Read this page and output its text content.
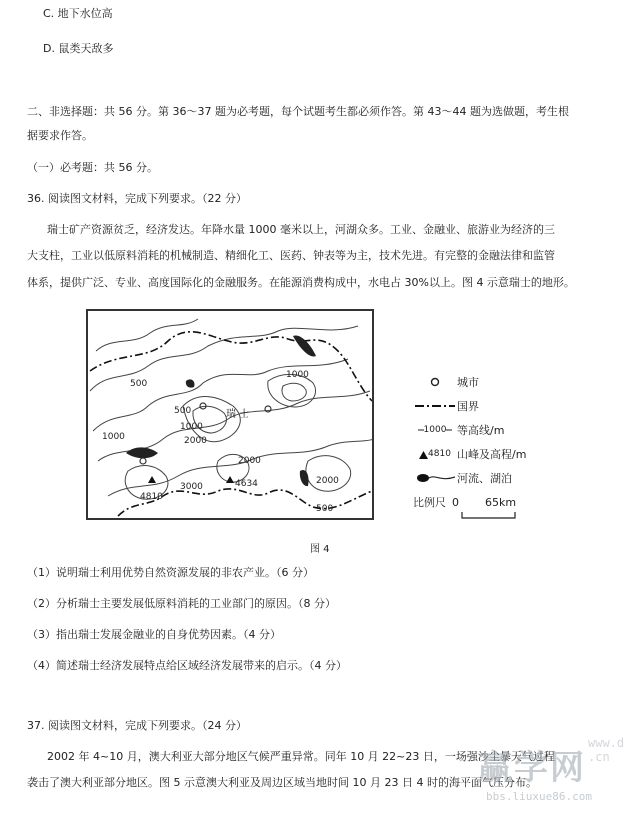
C. 地下水位高
D. 鼠类天敌多
二、非选择题：共 56 分。第 36～37 题为必考题，每个试题考生都必须作答。第 43～44 题为选做题，考生根
据要求作答。
（一）必考题：共 56 分。
36. 阅读图文材料，完成下列要求。（22 分）
瑞士矿产资源贫乏，经济发达。年降水量 1000 毫米以上，河湖众多。工业、金融业、旅游业为经济的三
大支柱，工业以低原料消耗的机械制造、精细化工、医药、钟表等为主，技术先进。有完整的金融法律和监管
体系，提供广泛、专业、高度国际化的金融服务。在能源消费构成中，水电占 30%以上。图 4 示意瑞士的地形。
瑞 士
500
1000
500
1000
2000
1000
2000
500
2000
3000
4810
4634
城市
国界
1000 等高线/m
4810 山峰及高程/m
河流、湖泊
比例尺 0 65km
图 4
（1）说明瑞士利用优势自然资源发展的非农产业。（6 分）
（2）分析瑞士主要发展低原料消耗的工业部门的原因。（8 分）
（3）指出瑞士发展金融业的自身优势因素。（4 分）
（4）简述瑞士经济发展特点给区域经济发展带来的启示。（4 分）
37. 阅读图文材料，完成下列要求。（24 分）
2002 年 4~10 月，澳大利亚大部分地区气候严重异常。同年 10 月 22~23 日，一场强沙尘暴天气过程
袭击了澳大利亚部分地区。图 5 示意澳大利亚及周边区域当地时间 10 月 23 日 4 时的海平面气压分布。
www.d .cn
赢学网
bbs.liuxue86.com
